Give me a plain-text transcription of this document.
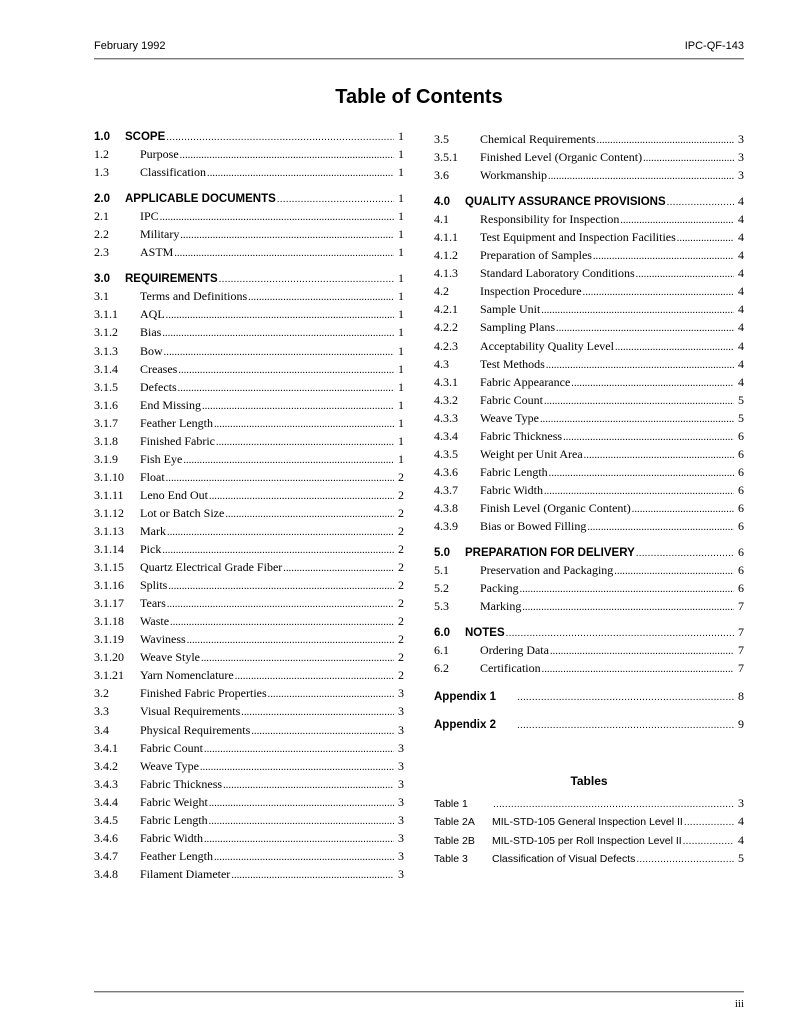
February 1992	IPC-QF-143
Table of Contents
1.0	SCOPE .....	1
1.2	Purpose .....	1
1.3	Classification .....	1
2.0	APPLICABLE DOCUMENTS .....	1
2.1	IPC .....	1
2.2	Military .....	1
2.3	ASTM .....	1
3.0	REQUIREMENTS .....	1
3.1	Terms and Definitions .....	1
3.1.1	AQL .....	1
3.1.2	Bias .....	1
3.1.3	Bow .....	1
3.1.4	Creases .....	1
3.1.5	Defects .....	1
3.1.6	End Missing .....	1
3.1.7	Feather Length .....	1
3.1.8	Finished Fabric .....	1
3.1.9	Fish Eye .....	1
3.1.10	Float .....	2
3.1.11	Leno End Out .....	2
3.1.12	Lot or Batch Size .....	2
3.1.13	Mark .....	2
3.1.14	Pick .....	2
3.1.15	Quartz Electrical Grade Fiber .....	2
3.1.16	Splits .....	2
3.1.17	Tears .....	2
3.1.18	Waste .....	2
3.1.19	Waviness .....	2
3.1.20	Weave Style .....	2
3.1.21	Yarn Nomenclature .....	2
3.2	Finished Fabric Properties .....	3
3.3	Visual Requirements .....	3
3.4	Physical Requirements .....	3
3.4.1	Fabric Count .....	3
3.4.2	Weave Type .....	3
3.4.3	Fabric Thickness .....	3
3.4.4	Fabric Weight .....	3
3.4.5	Fabric Length .....	3
3.4.6	Fabric Width .....	3
3.4.7	Feather Length .....	3
3.4.8	Filament Diameter .....	3
3.5	Chemical Requirements .....	3
3.5.1	Finished Level (Organic Content) .....	3
3.6	Workmanship .....	3
4.0	QUALITY ASSURANCE PROVISIONS .....	4
4.1	Responsibility for Inspection .....	4
4.1.1	Test Equipment and Inspection Facilities .....	4
4.1.2	Preparation of Samples .....	4
4.1.3	Standard Laboratory Conditions .....	4
4.2	Inspection Procedure .....	4
4.2.1	Sample Unit .....	4
4.2.2	Sampling Plans .....	4
4.2.3	Acceptability Quality Level .....	4
4.3	Test Methods .....	4
4.3.1	Fabric Appearance .....	4
4.3.2	Fabric Count .....	5
4.3.3	Weave Type .....	5
4.3.4	Fabric Thickness .....	6
4.3.5	Weight per Unit Area .....	6
4.3.6	Fabric Length .....	6
4.3.7	Fabric Width .....	6
4.3.8	Finish Level (Organic Content) .....	6
4.3.9	Bias or Bowed Filling .....	6
5.0	PREPARATION FOR DELIVERY .....	6
5.1	Preservation and Packaging .....	6
5.2	Packing .....	6
5.3	Marking .....	7
6.0	NOTES .....	7
6.1	Ordering Data .....	7
6.2	Certification .....	7
Appendix 1 .....	8
Appendix 2 .....	9
Tables
Table 1 .....	3
Table 2A	MIL-STD-105 General Inspection Level II .....	4
Table 2B	MIL-STD-105 per Roll Inspection Level II .....	4
Table 3	Classification of Visual Defects .....	5
iii
